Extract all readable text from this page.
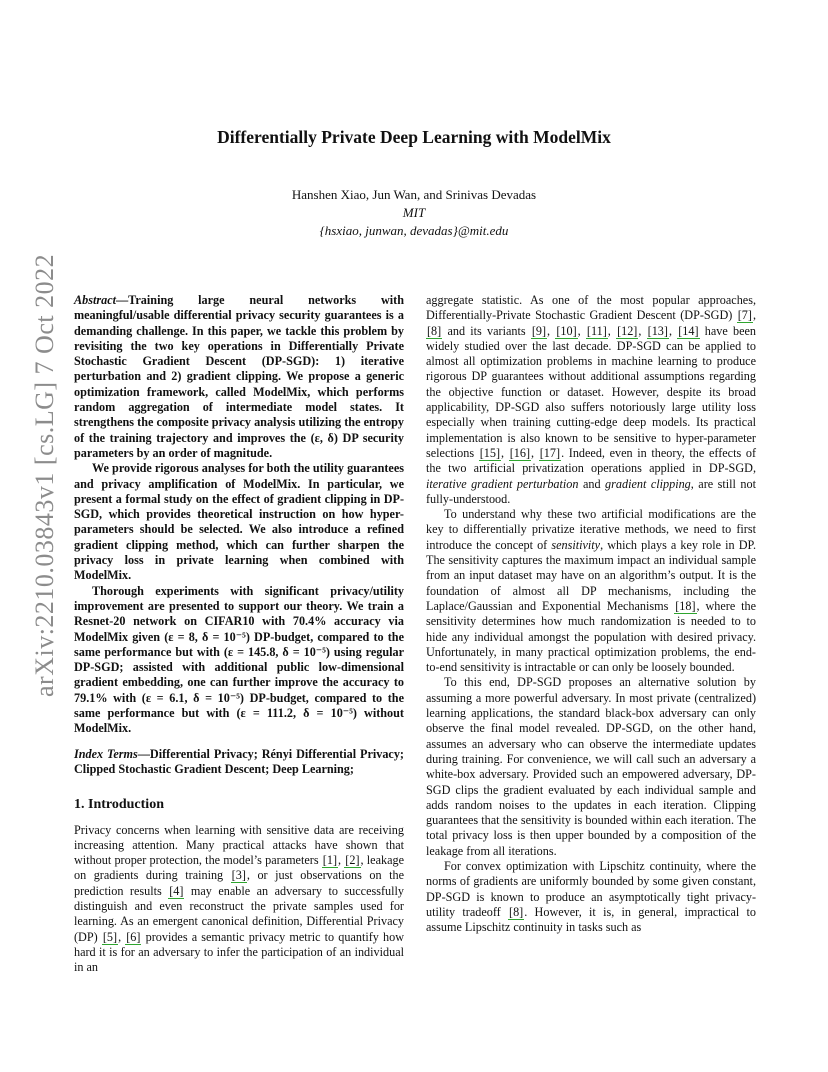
arXiv:2210.03843v1 [cs.LG] 7 Oct 2022
Differentially Private Deep Learning with ModelMix
Hanshen Xiao, Jun Wan, and Srinivas Devadas
MIT
{hsxiao, junwan, devadas}@mit.edu

Abstract—Training large neural networks with meaningful/usable differential privacy security guarantees is a demanding challenge. In this paper, we tackle this problem by revisiting the two key operations in Differentially Private Stochastic Gradient Descent (DP-SGD): 1) iterative perturbation and 2) gradient clipping. We propose a generic optimization framework, called ModelMix, which performs random aggregation of intermediate model states. It strengthens the composite privacy analysis utilizing the entropy of the training trajectory and improves the (ε, δ) DP security parameters by an order of magnitude.

We provide rigorous analyses for both the utility guarantees and privacy amplification of ModelMix. In particular, we present a formal study on the effect of gradient clipping in DP-SGD, which provides theoretical instruction on how hyper-parameters should be selected. We also introduce a refined gradient clipping method, which can further sharpen the privacy loss in private learning when combined with ModelMix.

Thorough experiments with significant privacy/utility improvement are presented to support our theory. We train a Resnet-20 network on CIFAR10 with 70.4% accuracy via ModelMix given (ε = 8, δ = 10⁻⁵) DP-budget, compared to the same performance but with (ε = 145.8, δ = 10⁻⁵) using regular DP-SGD; assisted with additional public low-dimensional gradient embedding, one can further improve the accuracy to 79.1% with (ε = 6.1, δ = 10⁻⁵) DP-budget, compared to the same performance but with (ε = 111.2, δ = 10⁻⁵) without ModelMix.

Index Terms—Differential Privacy; Rényi Differential Privacy; Clipped Stochastic Gradient Descent; Deep Learning;

1. Introduction

Privacy concerns when learning with sensitive data are receiving increasing attention. Many practical attacks have shown that without proper protection, the model’s parameters [1], [2], leakage on gradients during training [3], or just observations on the prediction results [4] may enable an adversary to successfully distinguish and even reconstruct the private samples used for learning. As an emergent canonical definition, Differential Privacy (DP) [5], [6] provides a semantic privacy metric to quantify how hard it is for an adversary to infer the participation of an individual in an

aggregate statistic. As one of the most popular approaches, Differentially-Private Stochastic Gradient Descent (DP-SGD) [7], [8] and its variants [9], [10], [11], [12], [13], [14] have been widely studied over the last decade. DP-SGD can be applied to almost all optimization problems in machine learning to produce rigorous DP guarantees without additional assumptions regarding the objective function or dataset. However, despite its broad applicability, DP-SGD also suffers notoriously large utility loss especially when training cutting-edge deep models. Its practical implementation is also known to be sensitive to hyper-parameter selections [15], [16], [17]. Indeed, even in theory, the effects of the two artificial privatization operations applied in DP-SGD, iterative gradient perturbation and gradient clipping, are still not fully-understood.

To understand why these two artificial modifications are the key to differentially privatize iterative methods, we need to first introduce the concept of sensitivity, which plays a key role in DP. The sensitivity captures the maximum impact an individual sample from an input dataset may have on an algorithm’s output. It is the foundation of almost all DP mechanisms, including the Laplace/Gaussian and Exponential Mechanisms [18], where the sensitivity determines how much randomization is needed to to hide any individual amongst the population with desired privacy. Unfortunately, in many practical optimization problems, the end-to-end sensitivity is intractable or can only be loosely bounded.

To this end, DP-SGD proposes an alternative solution by assuming a more powerful adversary. In most private (centralized) learning applications, the standard black-box adversary can only observe the final model revealed. DP-SGD, on the other hand, assumes an adversary who can observe the intermediate updates during training. For convenience, we will call such an adversary a white-box adversary. Provided such an empowered adversary, DP-SGD clips the gradient evaluated by each individual sample and adds random noises to the updates in each iteration. Clipping guarantees that the sensitivity is bounded within each iteration. The total privacy loss is then upper bounded by a composition of the leakage from all iterations.

For convex optimization with Lipschitz continuity, where the norms of gradients are uniformly bounded by some given constant, DP-SGD is known to produce an asymptotically tight privacy-utility tradeoff [8]. However, it is, in general, impractical to assume Lipschitz continuity in tasks such as
